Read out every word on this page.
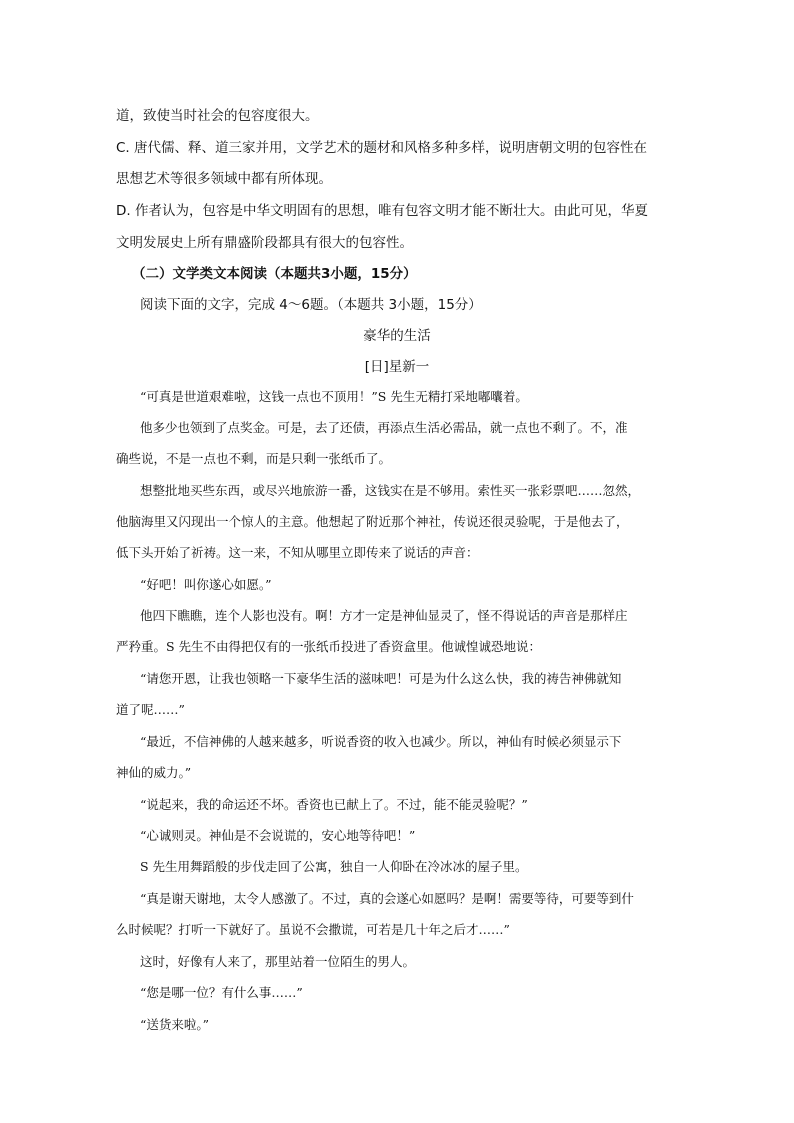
道，致使当时社会的包容度很大。
C. 唐代儒、释、道三家并用，文学艺术的题材和风格多种多样，说明唐朝文明的包容性在
思想艺术等很多领域中都有所体现。
D. 作者认为，包容是中华文明固有的思想，唯有包容文明才能不断壮大。由此可见，华夏
文明发展史上所有鼎盛阶段都具有很大的包容性。
（二）文学类文本阅读（本题共3小题，15分）
阅读下面的文字，完成 4～6题。（本题共 3小题，15分）
豪华的生活
[日]星新一
“可真是世道艰难啦，这钱一点也不顶用！”S 先生无精打采地嘟囔着。
他多少也领到了点奖金。可是，去了还债，再添点生活必需品，就一点也不剩了。不，准
确些说，不是一点也不剩，而是只剩一张纸币了。
想整批地买些东西，或尽兴地旅游一番，这钱实在是不够用。索性买一张彩票吧……忽然，
他脑海里又闪现出一个惊人的主意。他想起了附近那个神社，传说还很灵验呢，于是他去了，
低下头开始了祈祷。这一来，不知从哪里立即传来了说话的声音：
“好吧！叫你遂心如愿。”
他四下瞧瞧，连个人影也没有。啊！方才一定是神仙显灵了，怪不得说话的声音是那样庄
严矜重。S 先生不由得把仅有的一张纸币投进了香资盒里。他诚惶诚恐地说：
“请您开恩，让我也领略一下豪华生活的滋味吧！可是为什么这么快，我的祷告神佛就知
道了呢……”
“最近，不信神佛的人越来越多，听说香资的收入也减少。所以，神仙有时候必须显示下
神仙的威力。”
“说起来，我的命运还不坏。香资也已献上了。不过，能不能灵验呢？”
“心诚则灵。神仙是不会说谎的，安心地等待吧！”
S 先生用舞蹈般的步伐走回了公寓，独自一人仰卧在冷冰冰的屋子里。
“真是谢天谢地，太令人感激了。不过，真的会遂心如愿吗？是啊！需要等待，可要等到什
么时候呢？打听一下就好了。虽说不会撒谎，可若是几十年之后才……”
这时，好像有人来了，那里站着一位陌生的男人。
“您是哪一位？有什么事……”
“送货来啦。”
